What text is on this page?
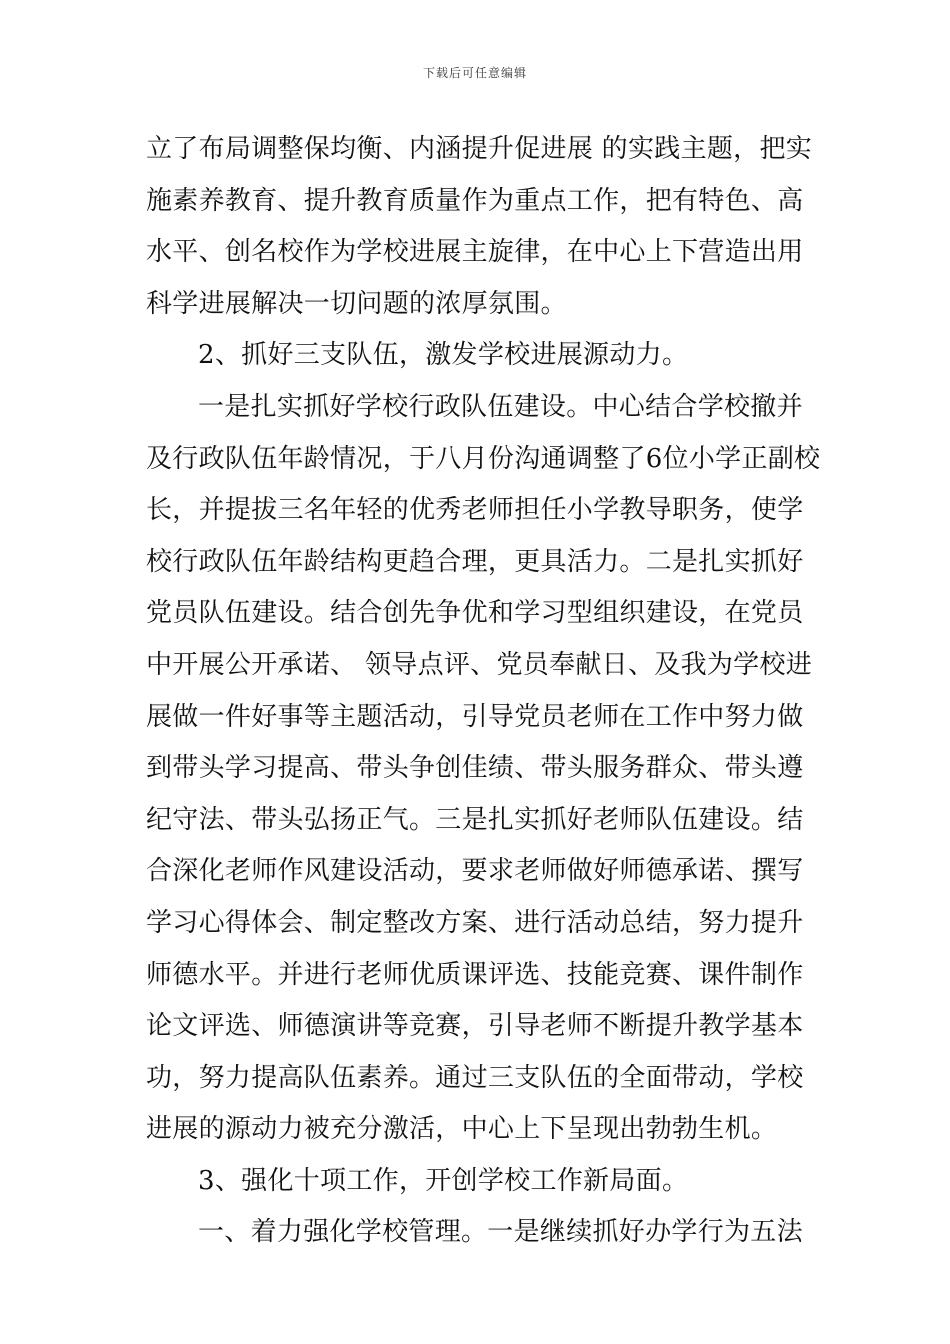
下载后可任意编辑
立了布局调整保均衡、内涵提升促进展 的实践主题，把实
施素养教育、提升教育质量作为重点工作，把有特色、高
水平、创名校作为学校进展主旋律，在中心上下营造出用
科学进展解决一切问题的浓厚氛围。
2、抓好三支队伍，激发学校进展源动力。
一是扎实抓好学校行政队伍建设。中心结合学校撤并
及行政队伍年龄情况，于八月份沟通调整了6位小学正副校
长，并提拔三名年轻的优秀老师担任小学教导职务，使学
校行政队伍年龄结构更趋合理，更具活力。二是扎实抓好
党员队伍建设。结合创先争优和学习型组织建设，在党员
中开展公开承诺、 领导点评、党员奉献日、及我为学校进
展做一件好事等主题活动，引导党员老师在工作中努力做
到带头学习提高、带头争创佳绩、带头服务群众、带头遵
纪守法、带头弘扬正气。三是扎实抓好老师队伍建设。结
合深化老师作风建设活动，要求老师做好师德承诺、撰写
学习心得体会、制定整改方案、进行活动总结，努力提升
师德水平。并进行老师优质课评选、技能竞赛、课件制作
论文评选、师德演讲等竞赛，引导老师不断提升教学基本
功，努力提高队伍素养。通过三支队伍的全面带动，学校
进展的源动力被充分激活，中心上下呈现出勃勃生机。
3、强化十项工作，开创学校工作新局面。
一、着力强化学校管理。一是继续抓好办学行为五法
